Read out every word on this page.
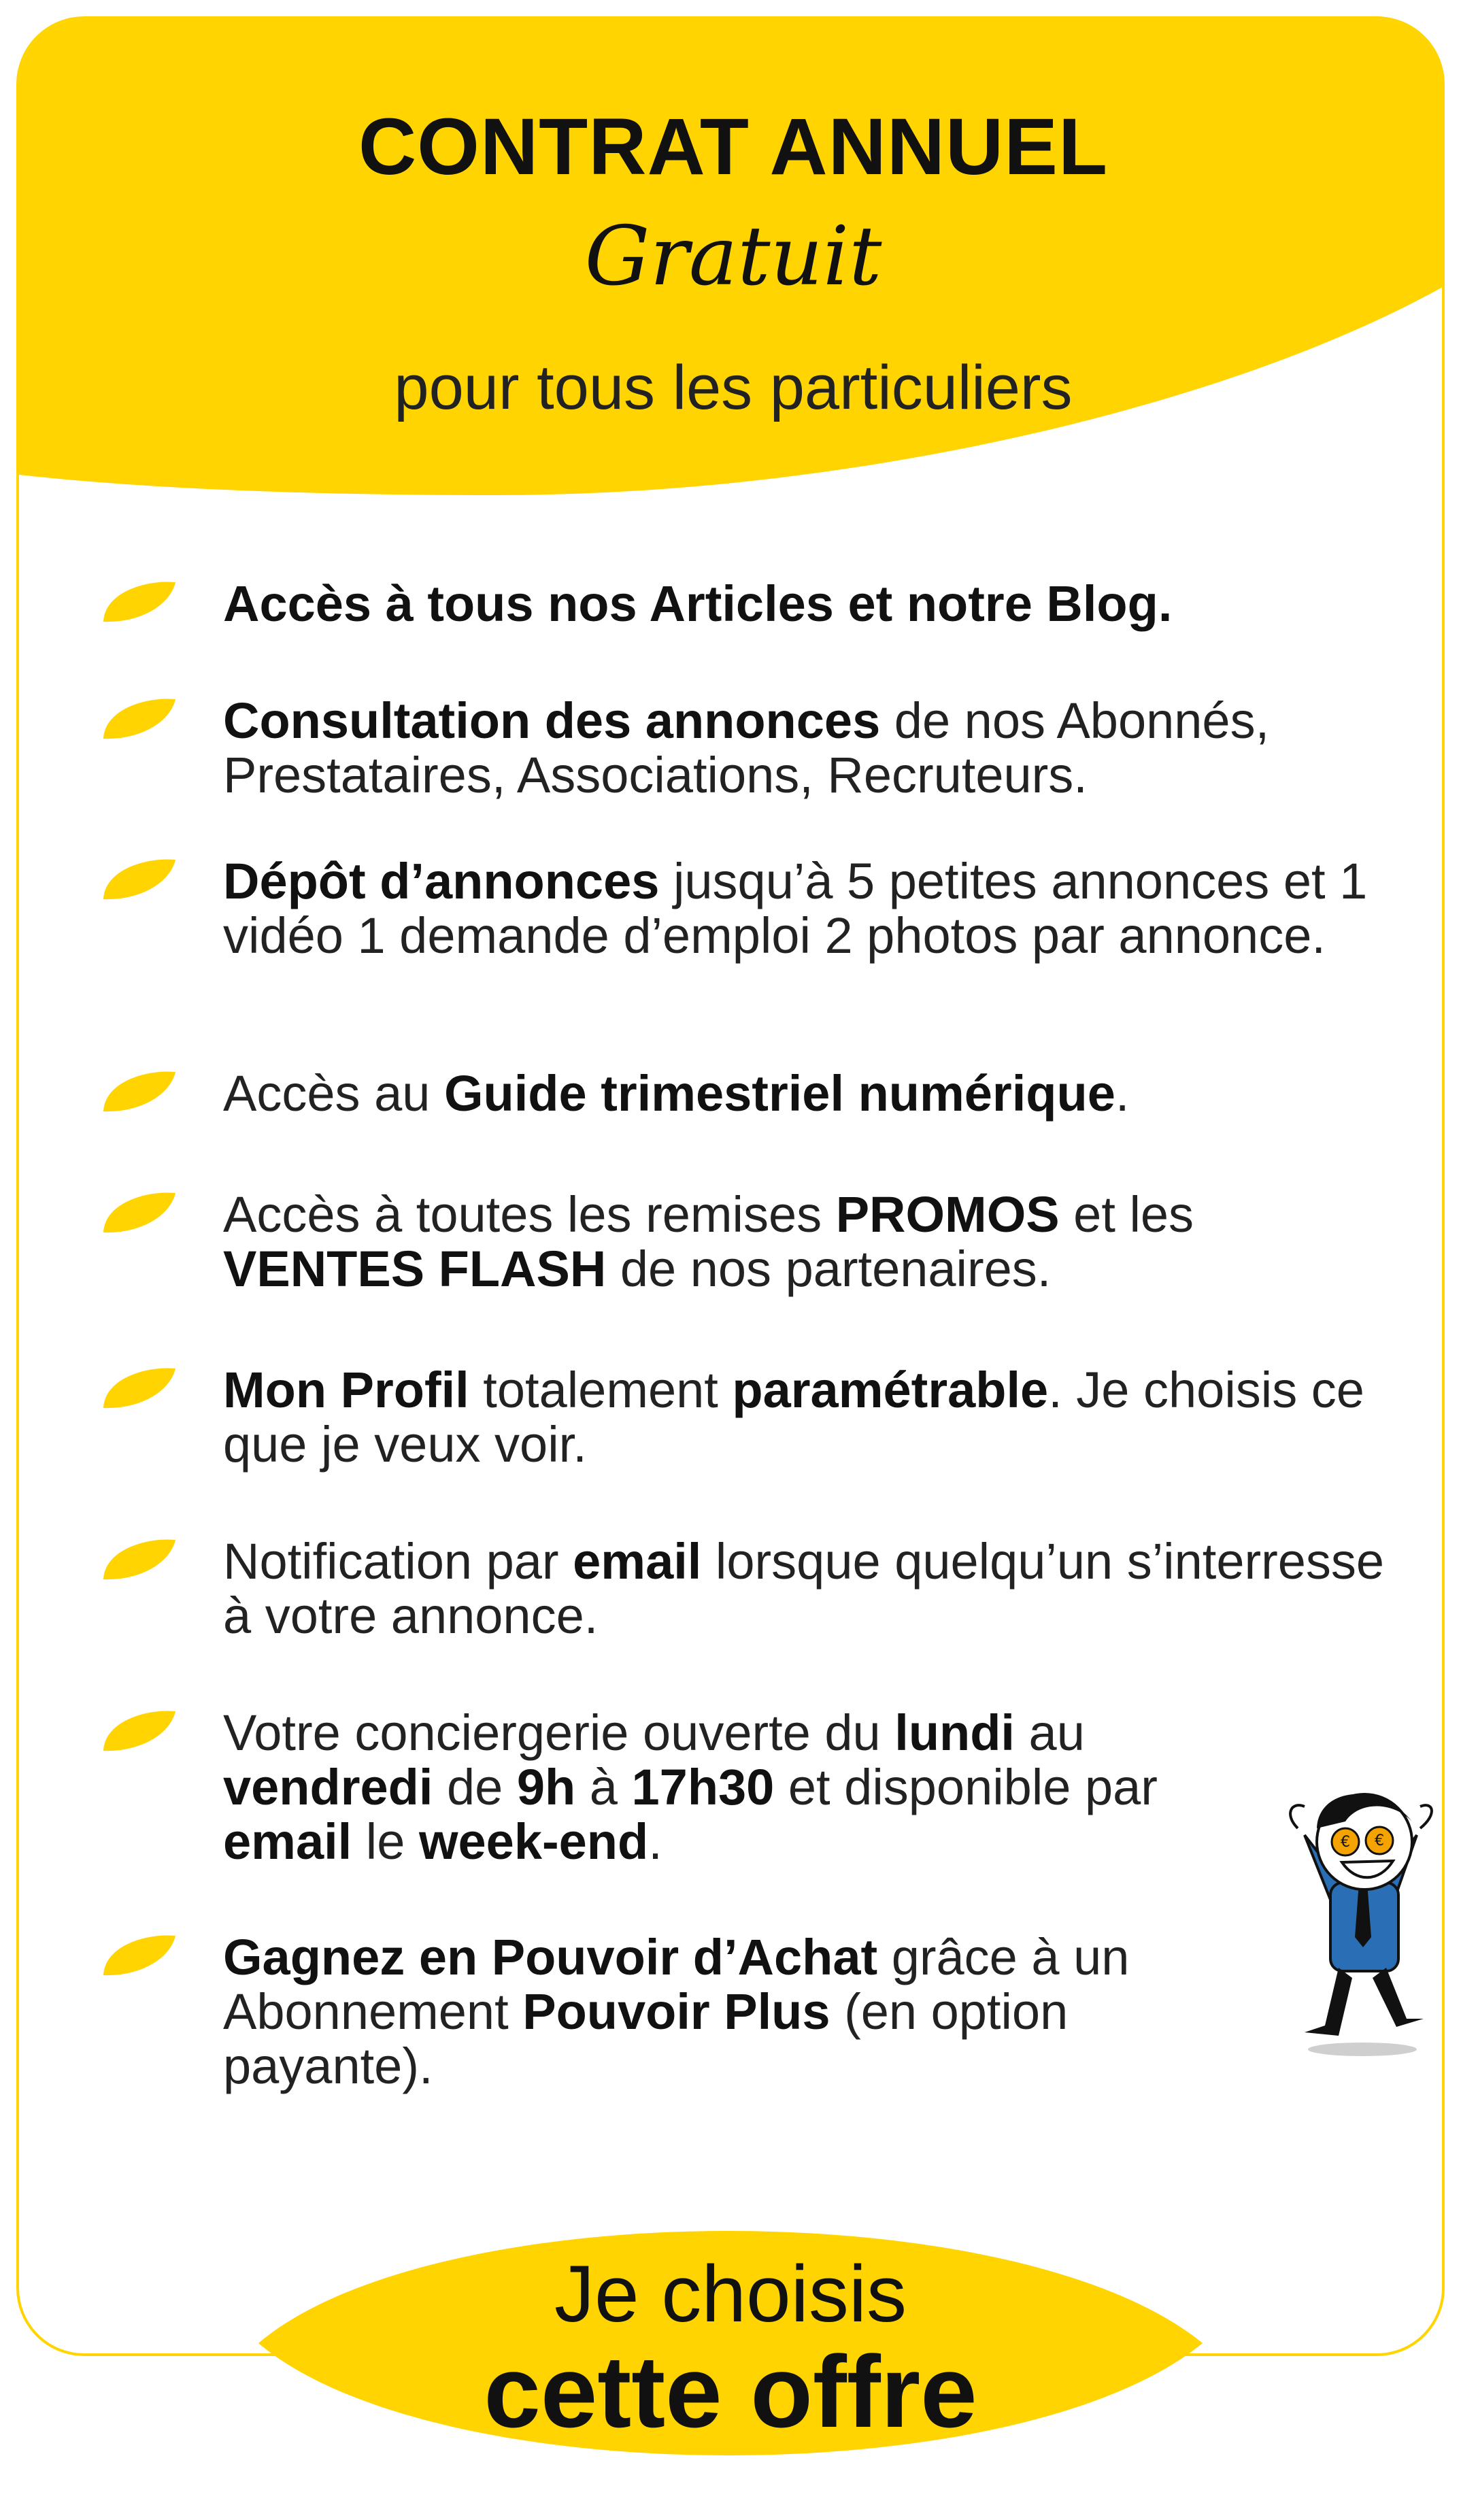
CONTRAT ANNUEL
Gratuit
pour tous les particuliers
Accès à tous nos Articles et notre Blog.
Consultation des annonces de nos Abonnés, Prestataires, Associations, Recruteurs.
Dépôt d’annonces jusqu’à 5 petites annonces et 1 vidéo 1 demande d’emploi 2 photos par annonce.
Accès au Guide trimestriel numérique.
Accès à toutes les remises PROMOS et les VENTES FLASH de nos partenaires.
Mon Profil totalement paramétrable. Je choisis ce que je veux voir.
Notification par email lorsque quelqu’un s’interresse à votre annonce.
Votre conciergerie ouverte du lundi au vendredi de 9h à 17h30 et disponible par email le week-end.
Gagnez en Pouvoir d’Achat grâce à un Abonnement Pouvoir Plus (en option payante).
€ €
Je choisis
cette offre
